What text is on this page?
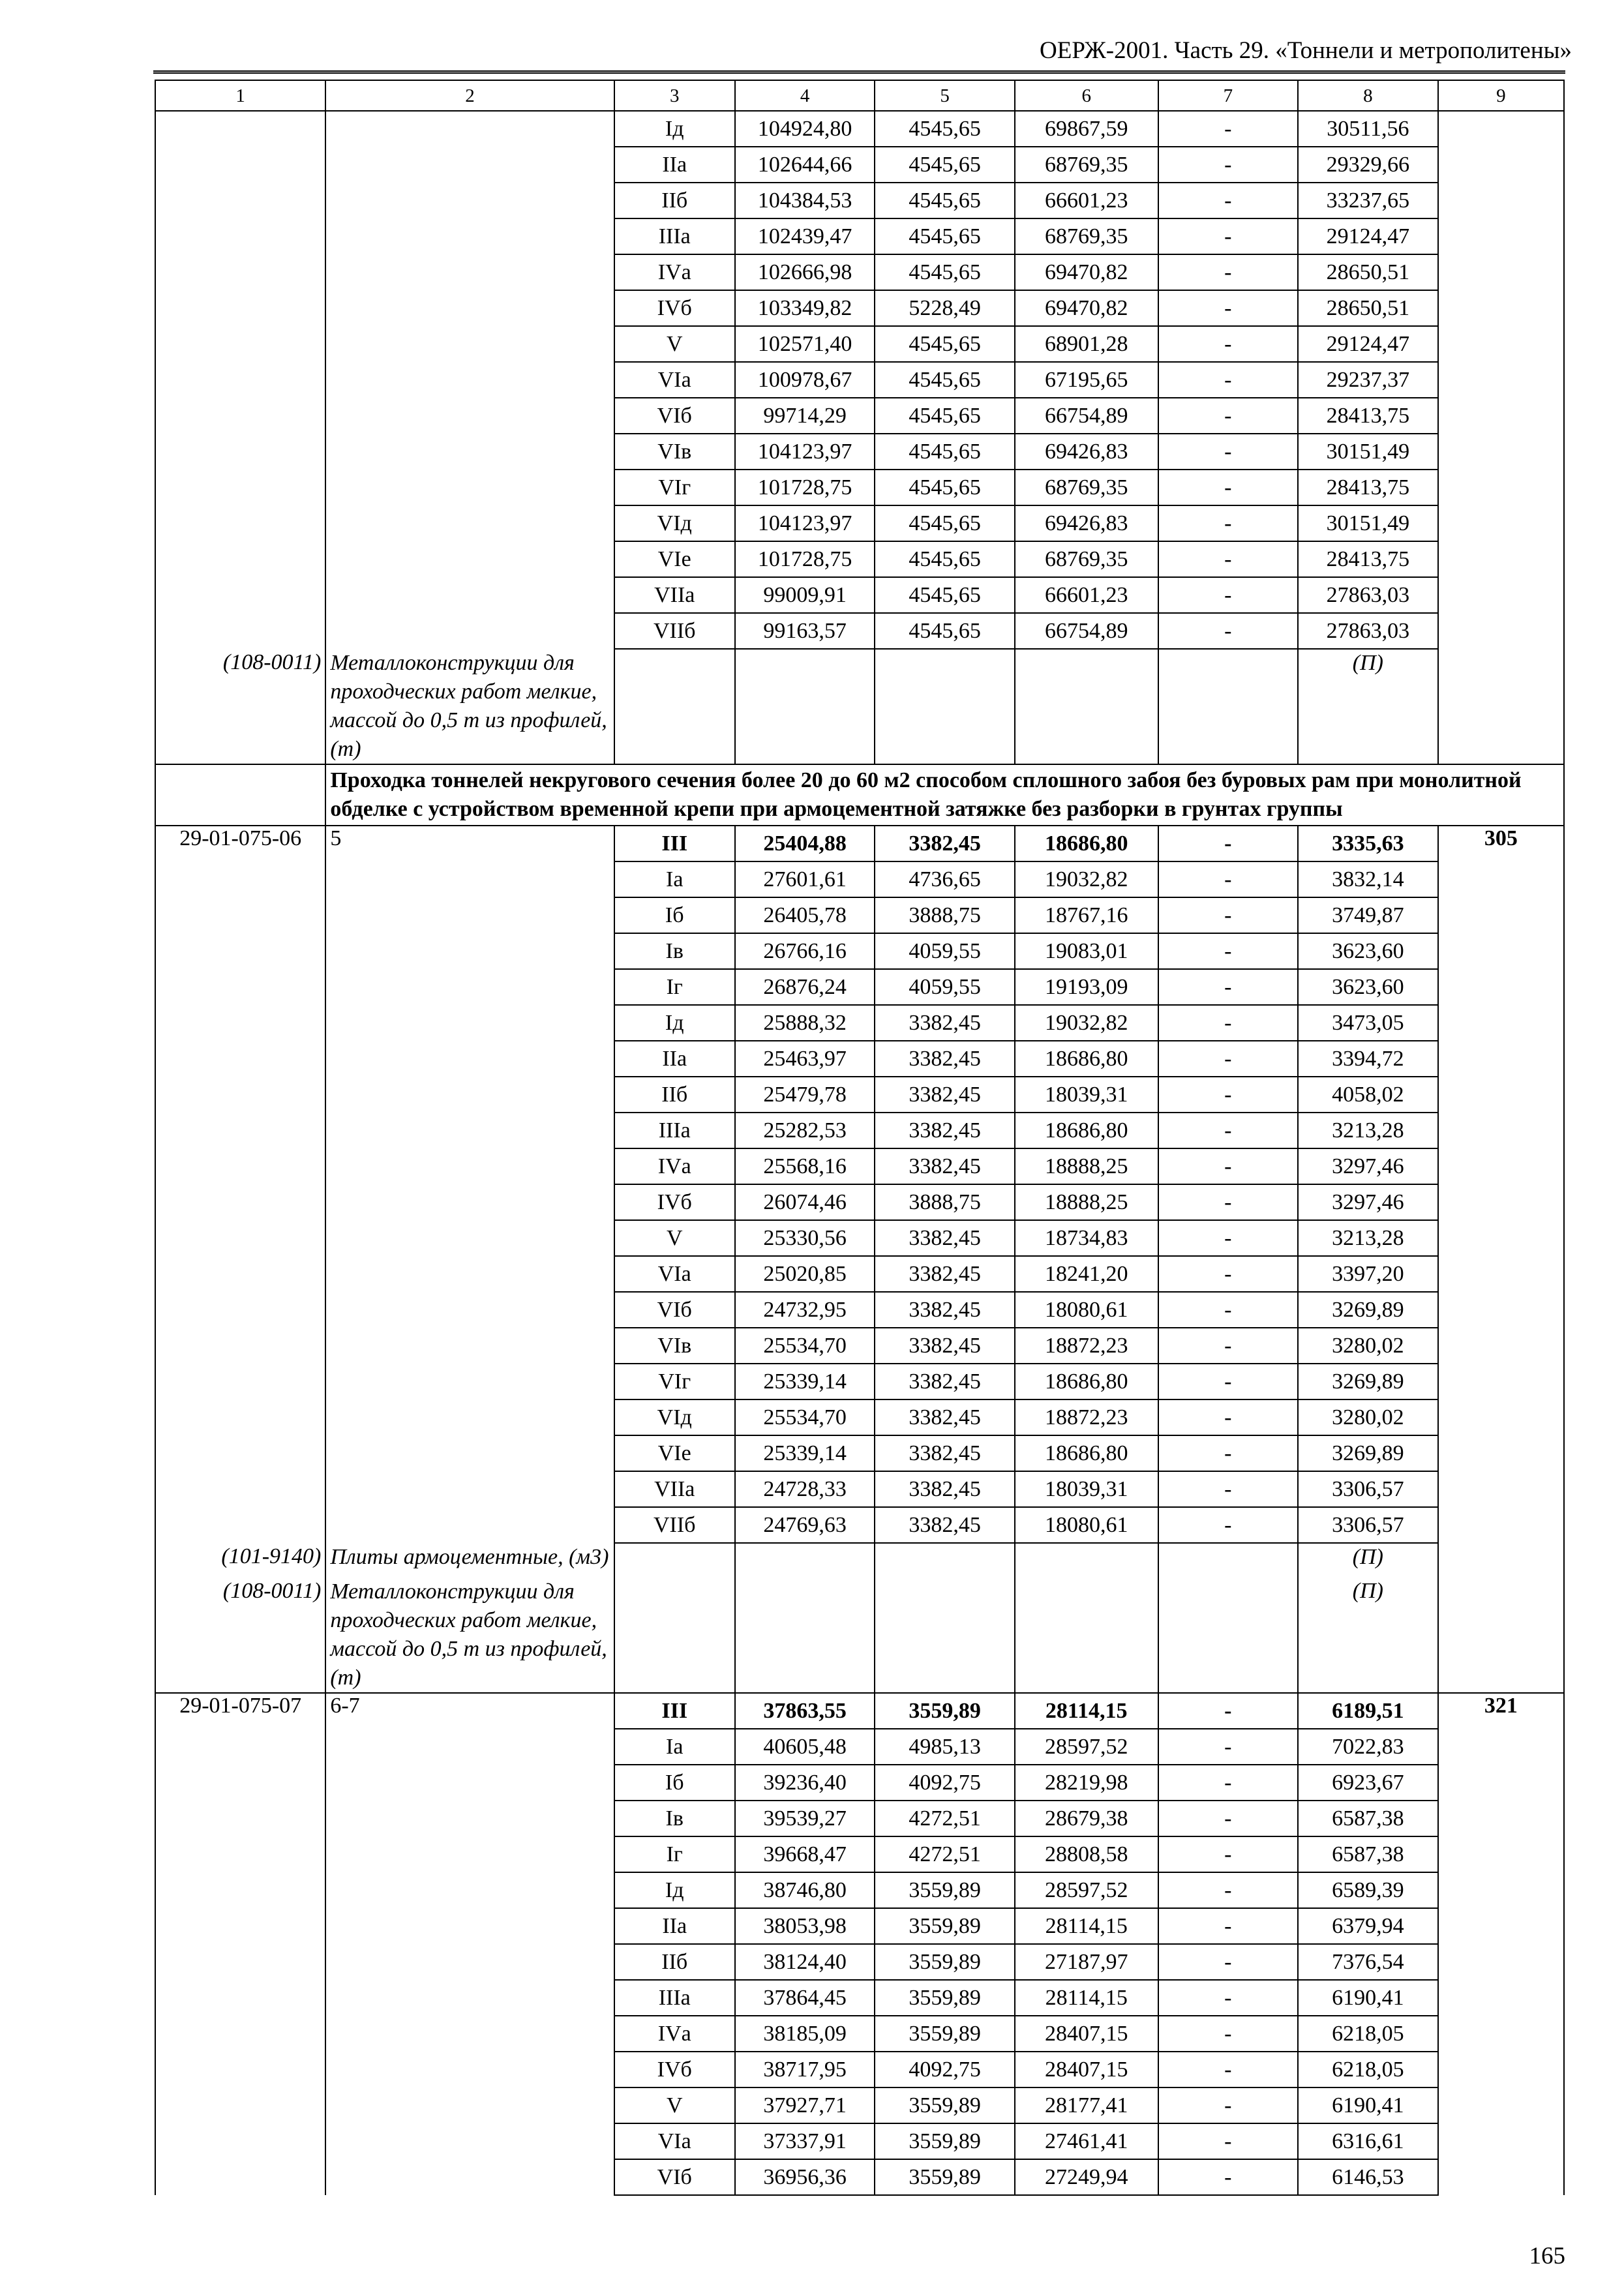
ОЕРЖ-2001. Часть 29. «Тоннели и метрополитены»
1	2	3	4	5	6	7	8	9
		Iд	104924,80	4545,65	69867,59	-	30511,56	
		IIа	102644,66	4545,65	68769,35	-	29329,66	
		IIб	104384,53	4545,65	66601,23	-	33237,65	
		IIIа	102439,47	4545,65	68769,35	-	29124,47	
		IVа	102666,98	4545,65	69470,82	-	28650,51	
		IVб	103349,82	5228,49	69470,82	-	28650,51	
		V	102571,40	4545,65	68901,28	-	29124,47	
		VIа	100978,67	4545,65	67195,65	-	29237,37	
		VIб	99714,29	4545,65	66754,89	-	28413,75	
		VIв	104123,97	4545,65	69426,83	-	30151,49	
		VIг	101728,75	4545,65	68769,35	-	28413,75	
		VIд	104123,97	4545,65	69426,83	-	30151,49	
		VIе	101728,75	4545,65	68769,35	-	28413,75	
		VIIа	99009,91	4545,65	66601,23	-	27863,03	
		VIIб	99163,57	4545,65	66754,89	-	27863,03	
(108-0011)	Металлоконструкции для проходческих работ мелкие, массой до 0,5 т из профилей, (т)						(П)	
	Проходка тоннелей некругового сечения более 20 до 60 м2 способом сплошного забоя без буровых рам при монолитной обделке с устройством временной крепи при армоцементной затяжке без разборки в грунтах группы							
29-01-075-06	5	III	25404,88	3382,45	18686,80	-	3335,63	305
		Iа	27601,61	4736,65	19032,82	-	3832,14	
		Iб	26405,78	3888,75	18767,16	-	3749,87	
		Iв	26766,16	4059,55	19083,01	-	3623,60	
		Iг	26876,24	4059,55	19193,09	-	3623,60	
		Iд	25888,32	3382,45	19032,82	-	3473,05	
		IIа	25463,97	3382,45	18686,80	-	3394,72	
		IIб	25479,78	3382,45	18039,31	-	4058,02	
		IIIа	25282,53	3382,45	18686,80	-	3213,28	
		IVа	25568,16	3382,45	18888,25	-	3297,46	
		IVб	26074,46	3888,75	18888,25	-	3297,46	
		V	25330,56	3382,45	18734,83	-	3213,28	
		VIа	25020,85	3382,45	18241,20	-	3397,20	
		VIб	24732,95	3382,45	18080,61	-	3269,89	
		VIв	25534,70	3382,45	18872,23	-	3280,02	
		VIг	25339,14	3382,45	18686,80	-	3269,89	
		VIд	25534,70	3382,45	18872,23	-	3280,02	
		VIе	25339,14	3382,45	18686,80	-	3269,89	
		VIIа	24728,33	3382,45	18039,31	-	3306,57	
		VIIб	24769,63	3382,45	18080,61	-	3306,57	
(101-9140)	Плиты армоцементные, (м3)						(П)	
(108-0011)	Металлоконструкции для проходческих работ мелкие, массой до 0,5 т из профилей, (т)						(П)	
29-01-075-07	6-7	III	37863,55	3559,89	28114,15	-	6189,51	321
		Iа	40605,48	4985,13	28597,52	-	7022,83	
		Iб	39236,40	4092,75	28219,98	-	6923,67	
		Iв	39539,27	4272,51	28679,38	-	6587,38	
		Iг	39668,47	4272,51	28808,58	-	6587,38	
		Iд	38746,80	3559,89	28597,52	-	6589,39	
		IIа	38053,98	3559,89	28114,15	-	6379,94	
		IIб	38124,40	3559,89	27187,97	-	7376,54	
		IIIа	37864,45	3559,89	28114,15	-	6190,41	
		IVа	38185,09	3559,89	28407,15	-	6218,05	
		IVб	38717,95	4092,75	28407,15	-	6218,05	
		V	37927,71	3559,89	28177,41	-	6190,41	
		VIа	37337,91	3559,89	27461,41	-	6316,61	
		VIб	36956,36	3559,89	27249,94	-	6146,53	
165
